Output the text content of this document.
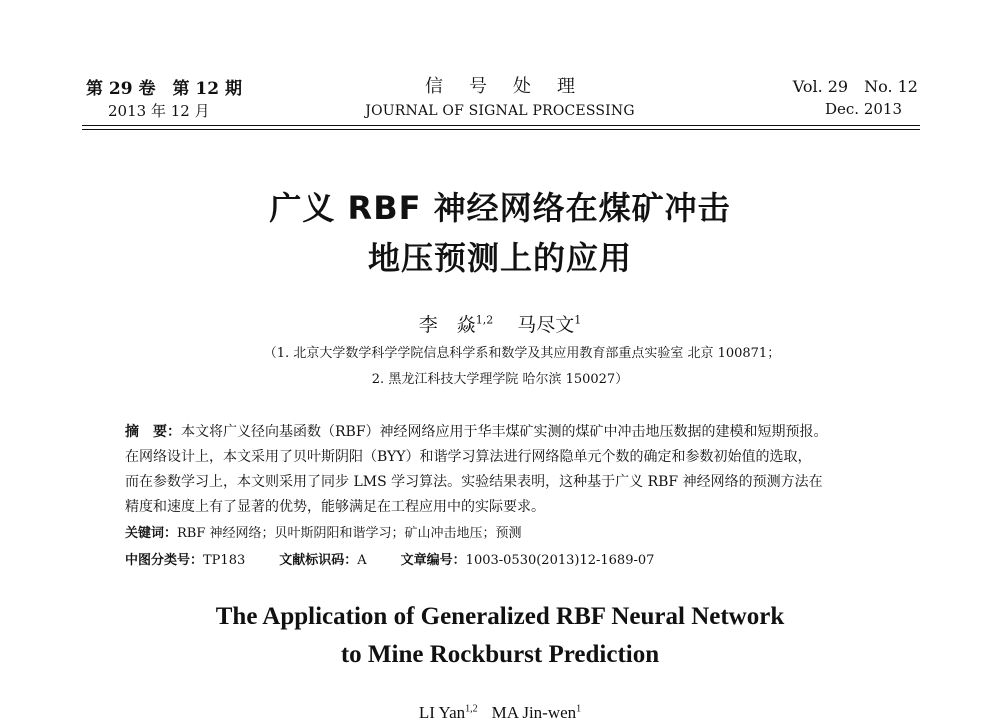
第 29 卷　第 12 期
2013 年 12 月
信号处理
JOURNAL OF SIGNAL PROCESSING
Vol. 29　No. 12
Dec. 2013
广义 RBF 神经网络在煤矿冲击
地压预测上的应用
李　焱$^{1,2}$ 马尽文$^1$
（1. 北京大学数学科学学院信息科学系和数学及其应用教育部重点实验室 北京 100871；
2. 黑龙江科技大学理学院 哈尔滨 150027）
摘　要：本文将广义径向基函数（RBF）神经网络应用于华丰煤矿实测的煤矿中冲击地压数据的建模和短期预报。
在网络设计上，本文采用了贝叶斯阴阳（BYY）和谐学习算法进行网络隐单元个数的确定和参数初始值的选取，
而在参数学习上，本文则采用了同步 LMS 学习算法。实验结果表明，这种基于广义 RBF 神经网络的预测方法在
精度和速度上有了显著的优势，能够满足在工程应用中的实际要求。
关键词：RBF 神经网络；贝叶斯阴阳和谐学习；矿山冲击地压；预测
中图分类号：TP183	文献标识码：A	文章编号：1003-0530(2013)12-1689-07
The Application of Generalized RBF Neural Network
to Mine Rockburst Prediction
LI Yan$^{1,2}$ MA Jin-wen$^1$
